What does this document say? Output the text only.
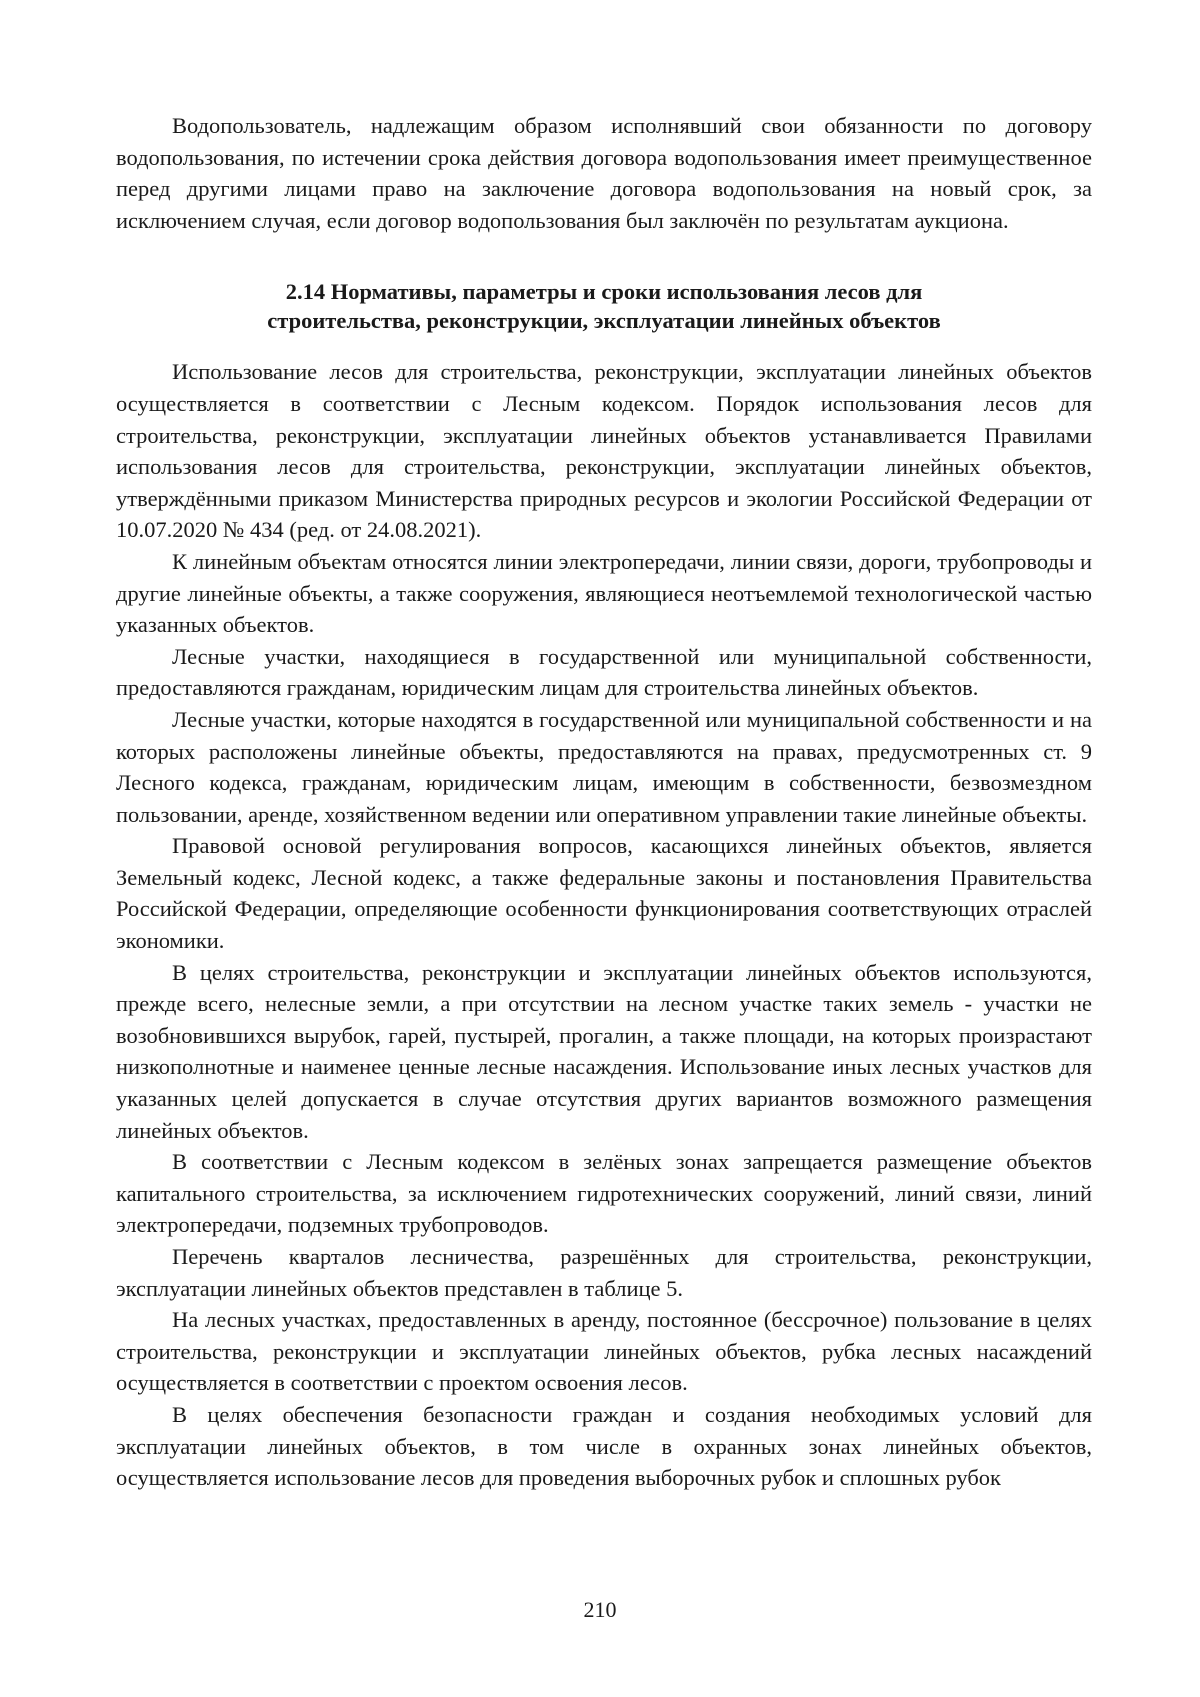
Водопользователь, надлежащим образом исполнявший свои обязанности по договору водопользования, по истечении срока действия договора водопользования имеет преимущественное перед другими лицами право на заключение договора водопользования на новый срок, за исключением случая, если договор водопользования был заключён по результатам аукциона.

2.14 Нормативы, параметры и сроки использования лесов для
строительства, реконструкции, эксплуатации линейных объектов

Использование лесов для строительства, реконструкции, эксплуатации линейных объектов осуществляется в соответствии с Лесным кодексом. Порядок использования лесов для строительства, реконструкции, эксплуатации линейных объектов устанавливается Правилами использования лесов для строительства, реконструкции, эксплуатации линейных объектов, утверждёнными приказом Министерства природных ресурсов и экологии Российской Федерации от 10.07.2020 № 434 (ред. от 24.08.2021).

К линейным объектам относятся линии электропередачи, линии связи, дороги, трубопроводы и другие линейные объекты, а также сооружения, являющиеся неотъемлемой технологической частью указанных объектов.

Лесные участки, находящиеся в государственной или муниципальной собственности, предоставляются гражданам, юридическим лицам для строительства линейных объектов.

Лесные участки, которые находятся в государственной или муниципальной собственности и на которых расположены линейные объекты, предоставляются на правах, предусмотренных ст. 9 Лесного кодекса, гражданам, юридическим лицам, имеющим в собственности, безвозмездном пользовании, аренде, хозяйственном ведении или оперативном управлении такие линейные объекты.

Правовой основой регулирования вопросов, касающихся линейных объектов, является Земельный кодекс, Лесной кодекс, а также федеральные законы и постановления Правительства Российской Федерации, определяющие особенности функционирования соответствующих отраслей экономики.

В целях строительства, реконструкции и эксплуатации линейных объектов используются, прежде всего, нелесные земли, а при отсутствии на лесном участке таких земель - участки не возобновившихся вырубок, гарей, пустырей, прогалин, а также площади, на которых произрастают низкополнотные и наименее ценные лесные насаждения. Использование иных лесных участков для указанных целей допускается в случае отсутствия других вариантов возможного размещения линейных объектов.

В соответствии с Лесным кодексом в зелёных зонах запрещается размещение объектов капитального строительства, за исключением гидротехнических сооружений, линий связи, линий электропередачи, подземных трубопроводов.

Перечень кварталов лесничества, разрешённых для строительства, реконструкции, эксплуатации линейных объектов представлен в таблице 5.

На лесных участках, предоставленных в аренду, постоянное (бессрочное) пользование в целях строительства, реконструкции и эксплуатации линейных объектов, рубка лесных насаждений осуществляется в соответствии с проектом освоения лесов.

В целях обеспечения безопасности граждан и создания необходимых условий для эксплуатации линейных объектов, в том числе в охранных зонах линейных объектов, осуществляется использование лесов для проведения выборочных рубок и сплошных рубок

210
